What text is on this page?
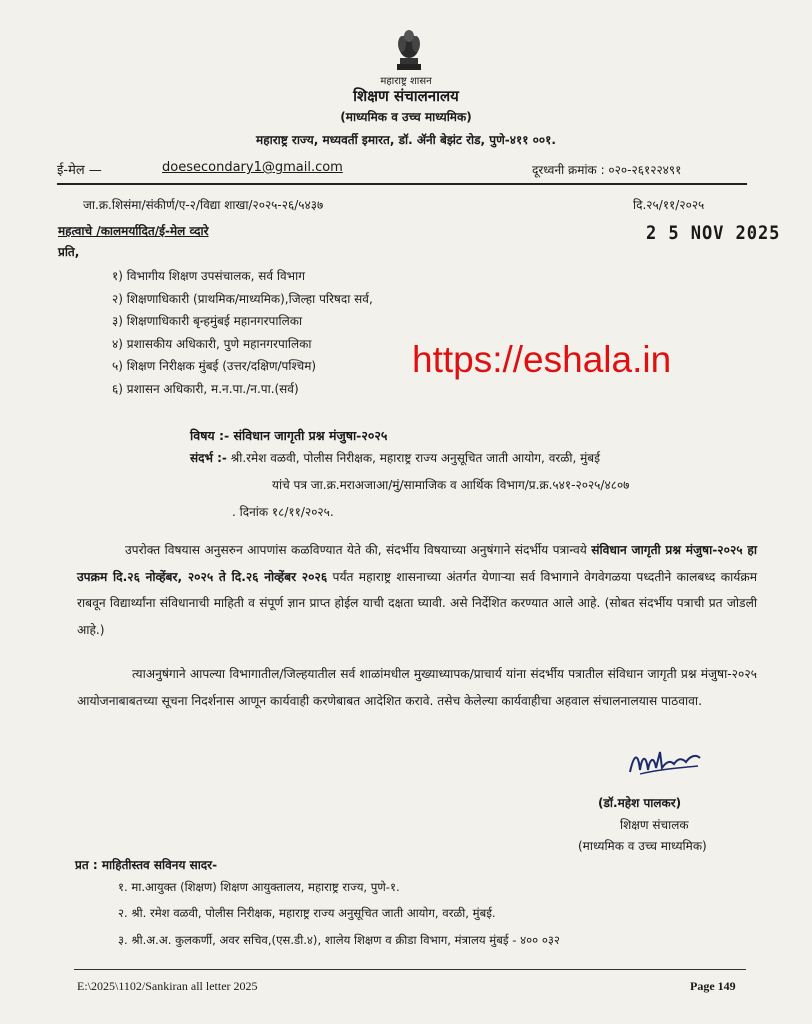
महाराष्ट्र शासन
शिक्षण संचालनालय
(माध्यमिक व उच्च माध्यमिक)
महाराष्ट्र राज्य, मध्यवर्ती इमारत, डॉ. ॲनी बेझंट रोड, पुणे-४११ ००१.
ई-मेल —	doesecondary1@gmail.com	दूरध्वनी क्रमांक : ०२०-२६१२२४९१
जा.क्र.शिसंमा/संकीर्ण/ए-२/विद्या शाखा/२०२५-२६/५४३७	दि.२५/११/२०२५
महत्वाचे /कालमर्यादित/ई-मेल व्दारे	2 5 NOV 2025
प्रति,
१) विभागीय शिक्षण उपसंचालक, सर्व विभाग
२) शिक्षणाधिकारी (प्राथमिक/माध्यमिक),जिल्हा परिषदा सर्व,
३) शिक्षणाधिकारी बृन्हमुंबई महानगरपालिका
४) प्रशासकीय अधिकारी, पुणे महानगरपालिका
५) शिक्षण निरीक्षक मुंबई (उत्तर/दक्षिण/पश्चिम)
६) प्रशासन अधिकारी, म.न.पा./न.पा.(सर्व)
https://eshala.in
विषय :- संविधान जागृती प्रश्न मंजुषा-२०२५
संदर्भ :- श्री.रमेश वळवी, पोलीस निरीक्षक, महाराष्ट्र राज्य अनुसूचित जाती आयोग, वरळी, मुंबई
यांचे पत्र जा.क्र.मराअजाआ/मुं/सामाजिक व आर्थिक विभाग/प्र.क्र.५४१-२०२५/४८०७
. दिनांक १८/११/२०२५.
उपरोक्त विषयास अनुसरुन आपणांस कळविण्यात येते की, संदर्भीय विषयाच्या अनुषंगाने संदर्भीय पत्रान्वये संविधान जागृती प्रश्न मंजुषा-२०२५ हा उपक्रम दि.२६ नोव्हेंबर, २०२५ ते दि.२६ नोव्हेंबर २०२६ पर्यंत महाराष्ट्र शासनाच्या अंतर्गत येणाऱ्या सर्व विभागाने वेगवेगळया पध्दतीने कालबध्द कार्यक्रम राबवून विद्यार्थ्यांना संविधानाची माहिती व संपूर्ण ज्ञान प्राप्त होईल याची दक्षता घ्यावी. असे निर्देशित करण्यात आले आहे. (सोबत संदर्भीय पत्राची प्रत जोडली आहे.)
त्याअनुषंगाने आपल्या विभागातील/जिल्हयातील सर्व शाळांमधील मुख्याध्यापक/प्राचार्य यांना संदर्भीय पत्रातील संविधान जागृती प्रश्न मंजुषा-२०२५ आयोजनाबाबतच्या सूचना निदर्शनास आणून कार्यवाही करणेबाबत आदेशित करावे. तसेच केलेल्या कार्यवाहीचा अहवाल संचालनालयास पाठवावा.
(डॉ.महेश पालकर)
शिक्षण संचालक
(माध्यमिक व उच्च माध्यमिक)
प्रत : माहितीस्तव सविनय सादर-
१. मा.आयुक्त (शिक्षण) शिक्षण आयुक्तालय, महाराष्ट्र राज्य, पुणे-१.
२. श्री. रमेश वळवी, पोलीस निरीक्षक, महाराष्ट्र राज्य अनुसूचित जाती आयोग, वरळी, मुंबई.
३. श्री.अ.अ. कुलकर्णी, अवर सचिव,(एस.डी.४), शालेय शिक्षण व क्रीडा विभाग, मंत्रालय मुंबई - ४०० ०३२
E:\2025\1102/Sankiran all letter 2025	Page 149
